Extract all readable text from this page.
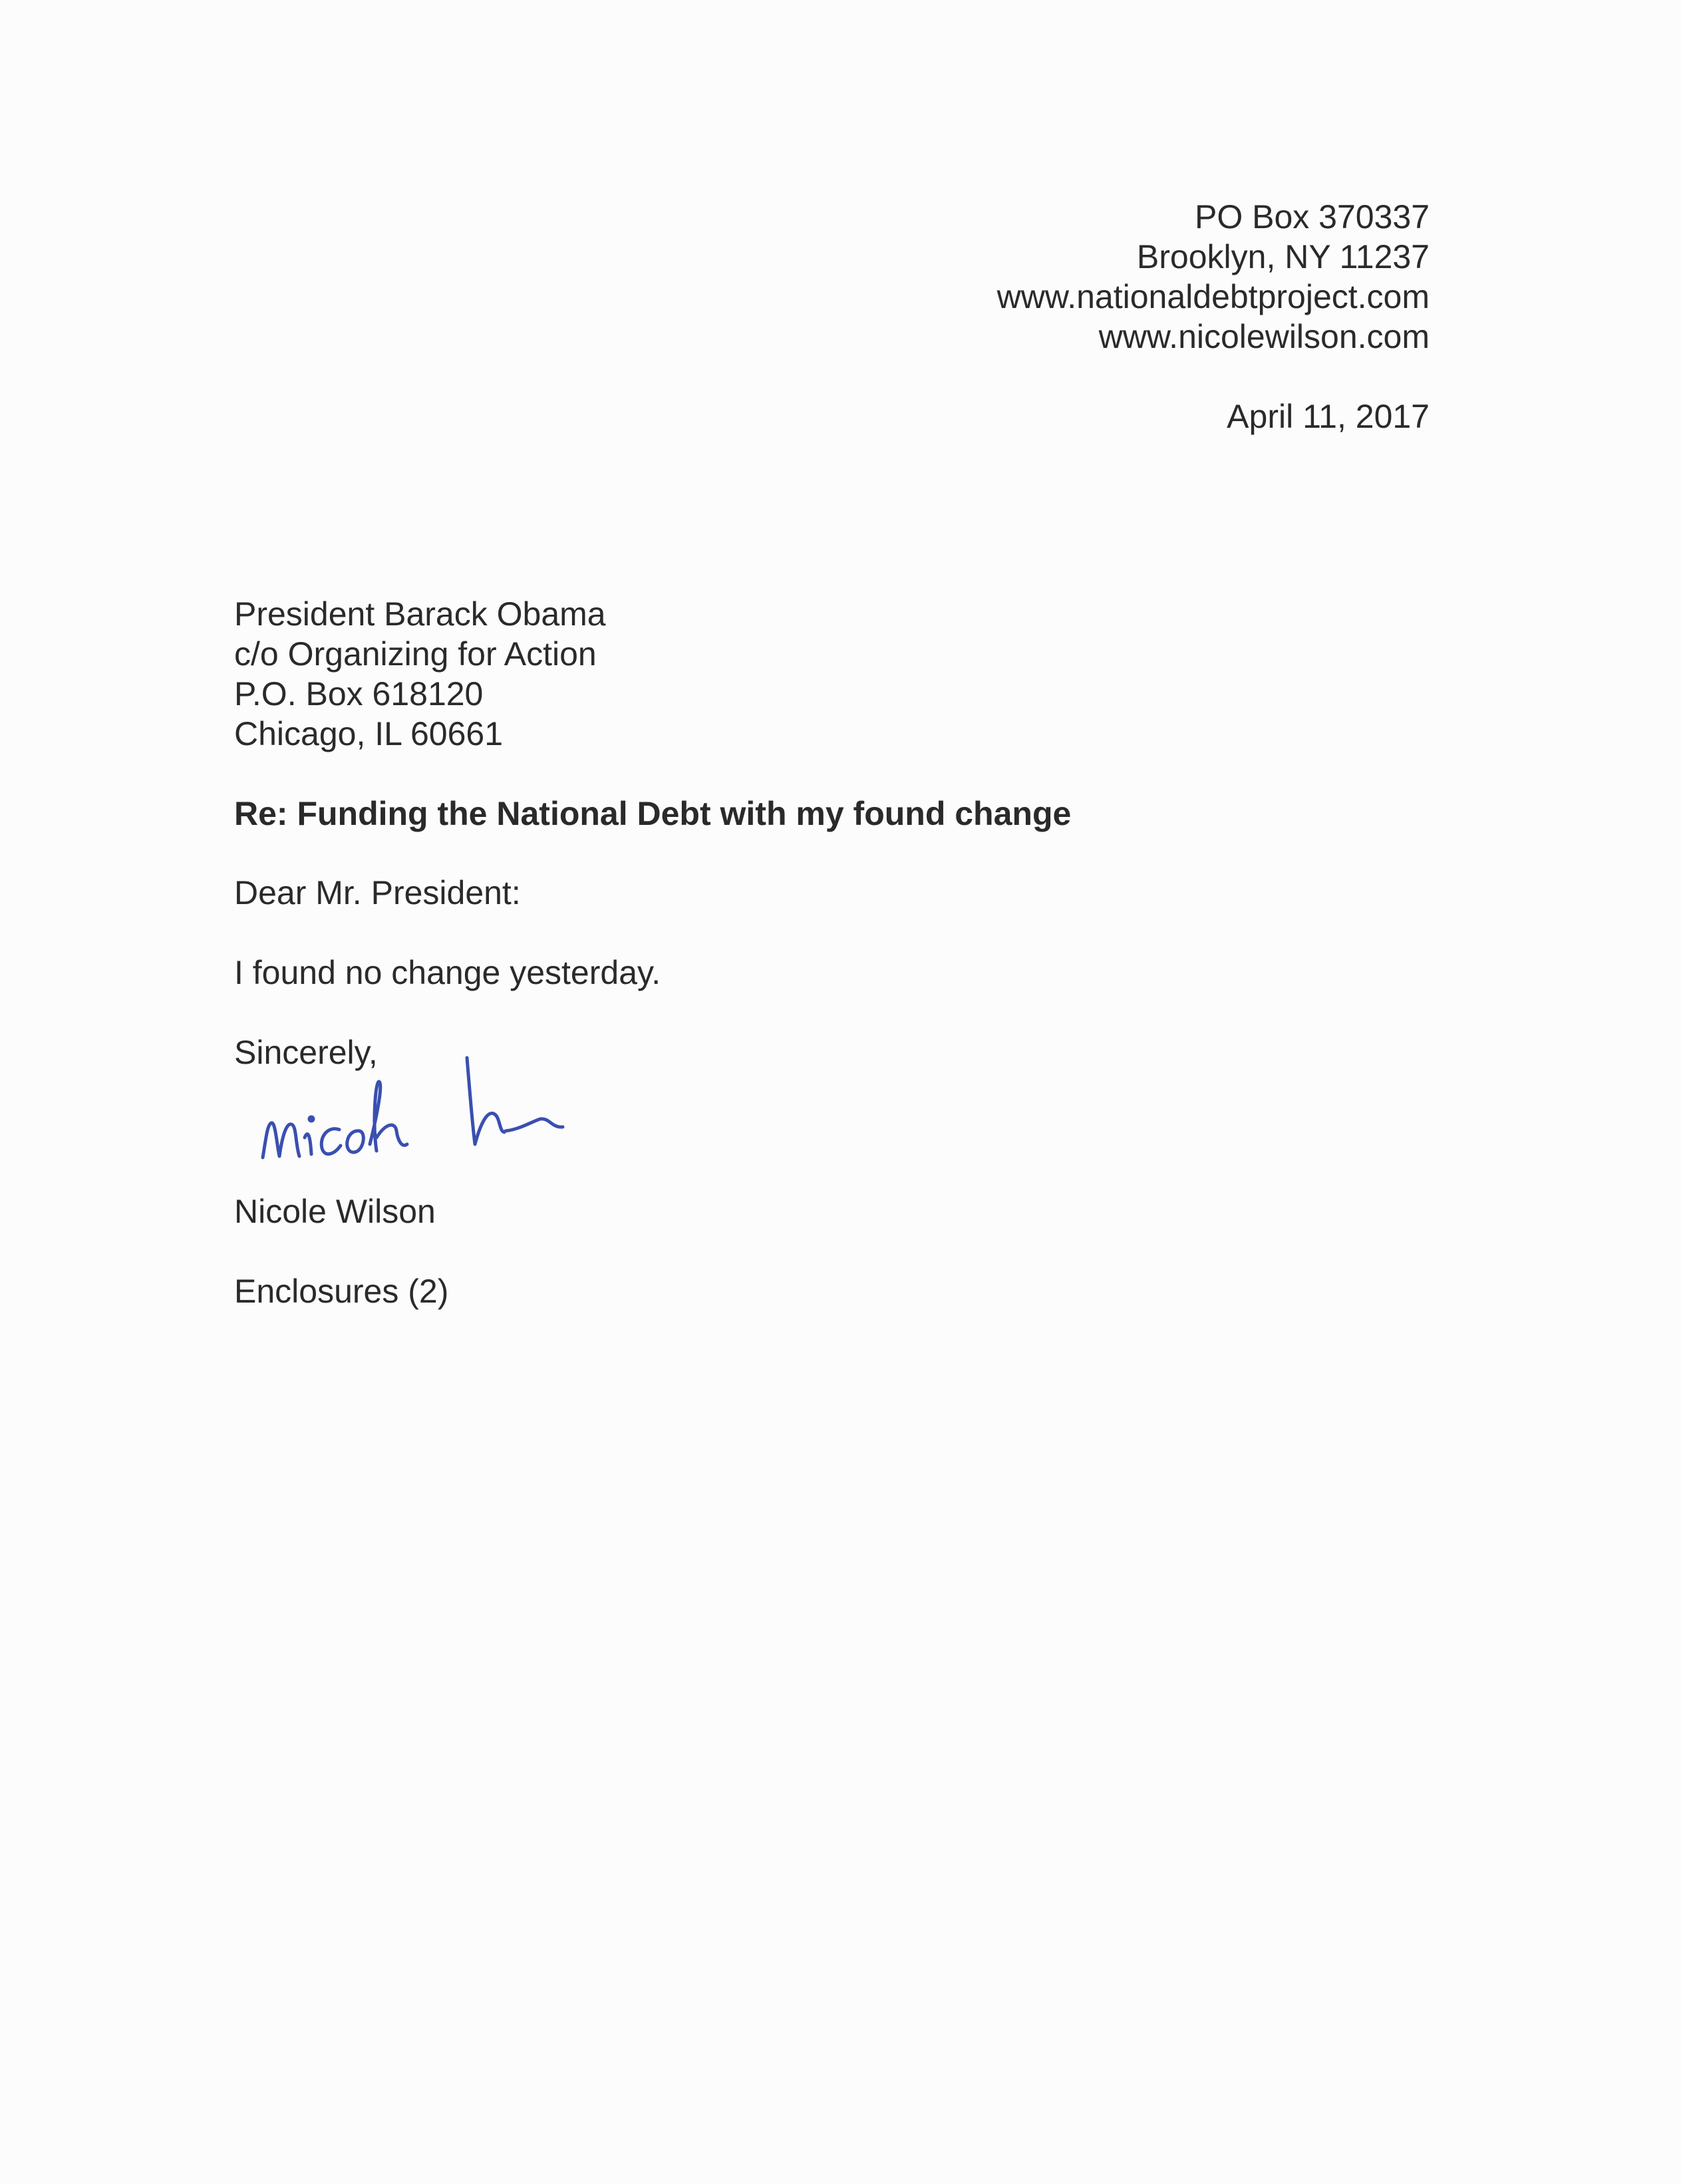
PO Box 370337
Brooklyn, NY 11237
www.nationaldebtproject.com
www.nicolewilson.com
April 11, 2017
President Barack Obama
c/o Organizing for Action
P.O. Box 618120
Chicago, IL 60661
Re: Funding the National Debt with my found change
Dear Mr. President:
I found no change yesterday.
Sincerely,
Nicole Wilson
Enclosures (2)
